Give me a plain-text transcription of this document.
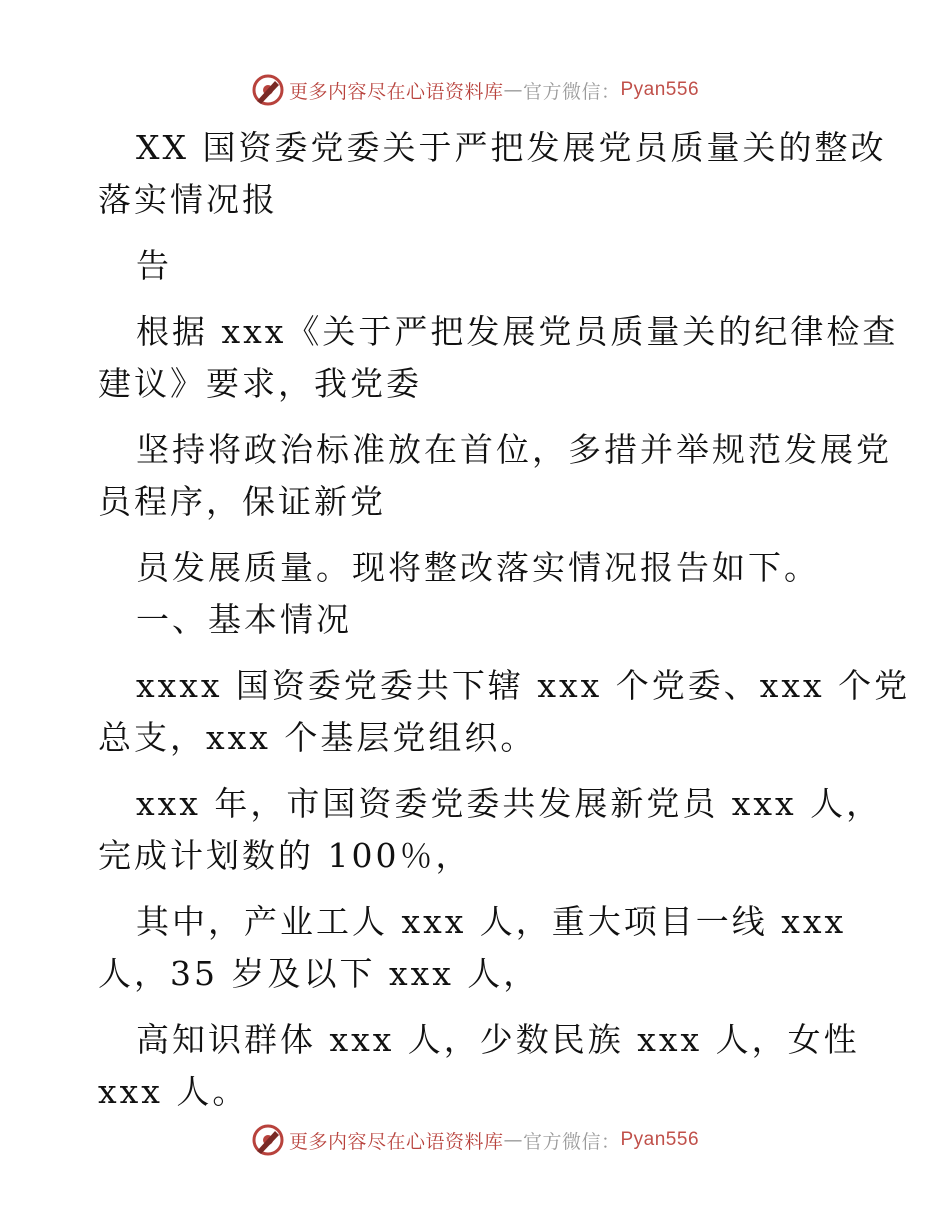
更多内容尽在心语资料库 — 官方微信： Pyan556
XX 国资委党委关于严把发展党员质量关的整改
落实情况报
告
根据 xxx《关于严把发展党员质量关的纪律检查
建议》要求，我党委
坚持将政治标准放在首位，多措并举规范发展党
员程序，保证新党
员发展质量。现将整改落实情况报告如下。
一、基本情况
xxxx 国资委党委共下辖 xxx 个党委、xxx 个党
总支，xxx 个基层党组织。
xxx 年，市国资委党委共发展新党员 xxx 人，
完成计划数的 100％，
其中，产业工人 xxx 人，重大项目一线 xxx
人，35 岁及以下 xxx 人，
高知识群体 xxx 人，少数民族 xxx 人，女性
xxx 人。
更多内容尽在心语资料库 — 官方微信： Pyan556
